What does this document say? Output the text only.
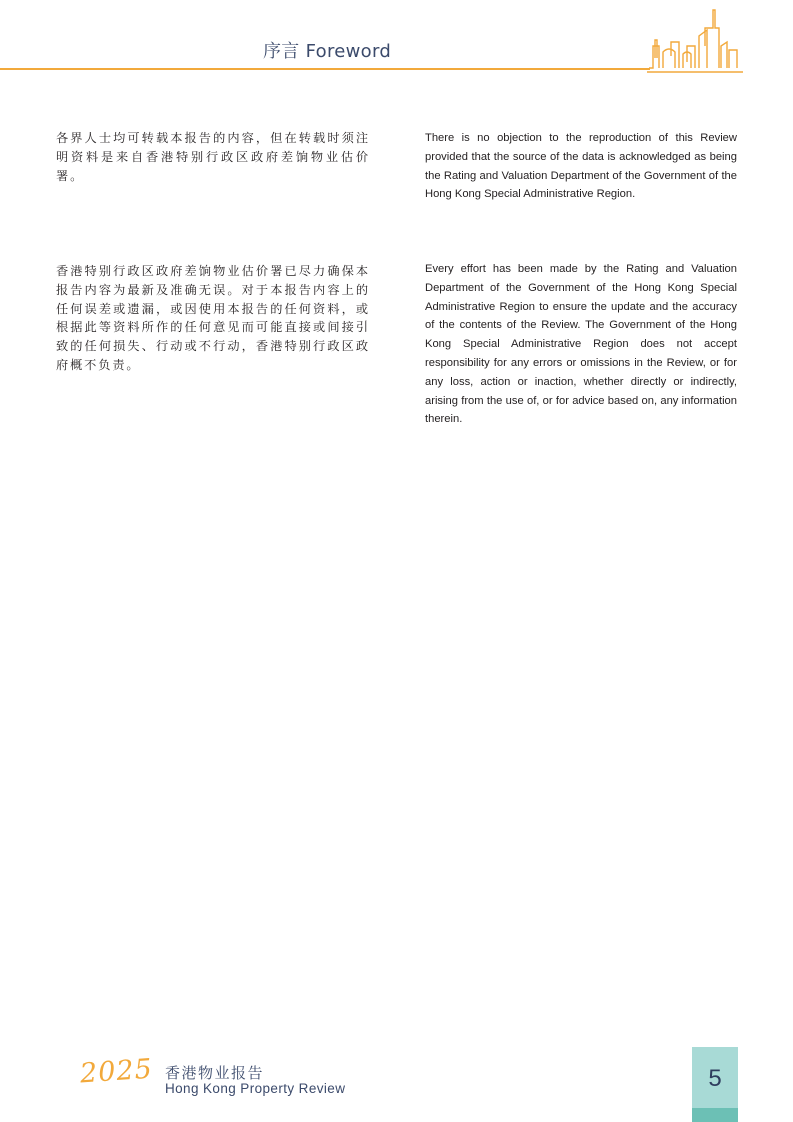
序言 Foreword
各界人士均可转载本报告的内容，但在转载时须注明资料是来自香港特别行政区政府差饷物业估价署。
香港特别行政区政府差饷物业估价署已尽力确保本报告内容为最新及准确无误。对于本报告内容上的任何误差或遗漏，或因使用本报告的任何资料，或根据此等资料所作的任何意见而可能直接或间接引致的任何损失、行动或不行动，香港特别行政区政府概不负责。
There is no objection to the reproduction of this Review provided that the source of the data is acknowledged as being the Rating and Valuation Department of the Government of the Hong Kong Special Administrative Region.
Every effort has been made by the Rating and Valuation Department of the Government of the Hong Kong Special Administrative Region to ensure the update and the accuracy of the contents of the Review. The Government of the Hong Kong Special Administrative Region does not accept responsibility for any errors or omissions in the Review, or for any loss, action or inaction, whether directly or indirectly, arising from the use of, or for advice based on, any information therein.
2025 香港物业报告
Hong Kong Property Review	5
